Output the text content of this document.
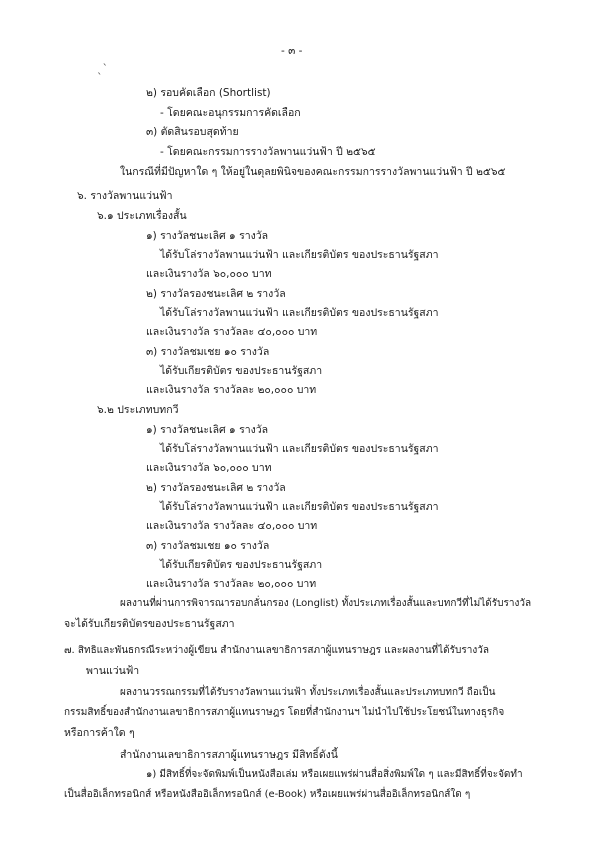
ˎ`
- ๓ -
๒) รอบคัดเลือก (Shortlist)
- โดยคณะอนุกรรมการคัดเลือก
๓) ตัดสินรอบสุดท้าย
- โดยคณะกรรมการรางวัลพานแว่นฟ้า ปี ๒๕๖๕
ในกรณีที่มีปัญหาใด ๆ ให้อยู่ในดุลยพินิจของคณะกรรมการรางวัลพานแว่นฟ้า ปี ๒๕๖๕
๖. รางวัลพานแว่นฟ้า
๖.๑ ประเภทเรื่องสั้น
๑) รางวัลชนะเลิศ ๑ รางวัล
ได้รับโล่รางวัลพานแว่นฟ้า และเกียรติบัตร ของประธานรัฐสภา
และเงินรางวัล ๖๐,๐๐๐ บาท
๒) รางวัลรองชนะเลิศ ๒ รางวัล
ได้รับโล่รางวัลพานแว่นฟ้า และเกียรติบัตร ของประธานรัฐสภา
และเงินรางวัล รางวัลละ ๔๐,๐๐๐ บาท
๓) รางวัลชมเชย ๑๐ รางวัล
ได้รับเกียรติบัตร ของประธานรัฐสภา
และเงินรางวัล รางวัลละ ๒๐,๐๐๐ บาท
๖.๒ ประเภทบทกวี
๑) รางวัลชนะเลิศ ๑ รางวัล
ได้รับโล่รางวัลพานแว่นฟ้า และเกียรติบัตร ของประธานรัฐสภา
และเงินรางวัล ๖๐,๐๐๐ บาท
๒) รางวัลรองชนะเลิศ ๒ รางวัล
ได้รับโล่รางวัลพานแว่นฟ้า และเกียรติบัตร ของประธานรัฐสภา
และเงินรางวัล รางวัลละ ๔๐,๐๐๐ บาท
๓) รางวัลชมเชย ๑๐ รางวัล
ได้รับเกียรติบัตร ของประธานรัฐสภา
และเงินรางวัล รางวัลละ ๒๐,๐๐๐ บาท
ผลงานที่ผ่านการพิจารณารอบกลั่นกรอง (Longlist) ทั้งประเภทเรื่องสั้นและบทกวีที่ไม่ได้รับรางวัล
จะได้รับเกียรติบัตรของประธานรัฐสภา
๗. สิทธิและพันธกรณีระหว่างผู้เขียน สำนักงานเลขาธิการสภาผู้แทนราษฎร และผลงานที่ได้รับรางวัล
พานแว่นฟ้า
ผลงานวรรณกรรมที่ได้รับรางวัลพานแว่นฟ้า ทั้งประเภทเรื่องสั้นและประเภทบทกวี ถือเป็น
กรรมสิทธิ์ของสำนักงานเลขาธิการสภาผู้แทนราษฎร โดยที่สำนักงานฯ ไม่นำไปใช้ประโยชน์ในทางธุรกิจ
หรือการค้าใด ๆ
สำนักงานเลขาธิการสภาผู้แทนราษฎร มีสิทธิ์ดังนี้
๑) มีสิทธิ์ที่จะจัดพิมพ์เป็นหนังสือเล่ม หรือเผยแพร่ผ่านสื่อสิ่งพิมพ์ใด ๆ และมีสิทธิ์ที่จะจัดทำ
เป็นสื่ออิเล็กทรอนิกส์ หรือหนังสืออิเล็กทรอนิกส์ (e-Book) หรือเผยแพร่ผ่านสื่ออิเล็กทรอนิกส์ใด ๆ
